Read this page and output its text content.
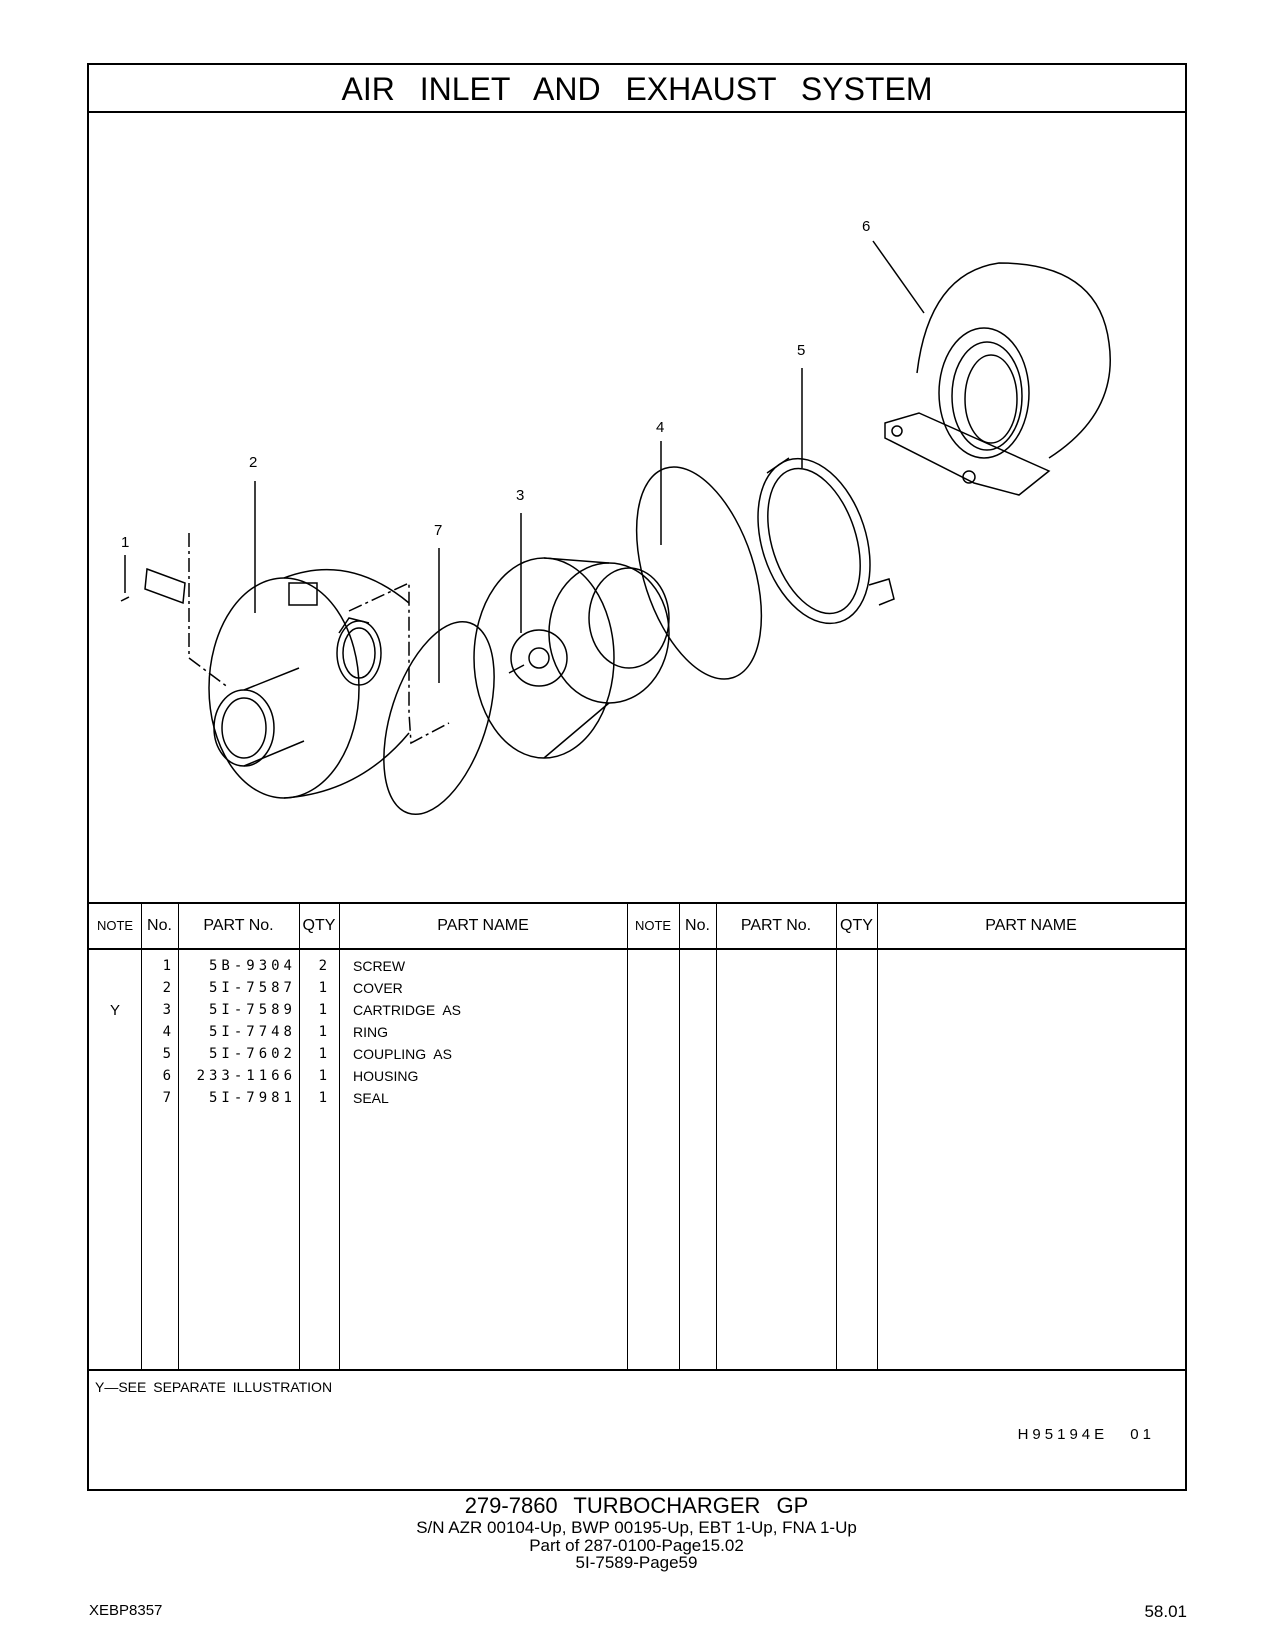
AIR INLET AND EXHAUST SYSTEM
1
2
3
4
5
6
7
NOTE No.	PART No.	QTY	PART NAME	NOTE No.	PART No.	QTY	PART NAME
1	5B-9304	2 SCREW
2	5I-7587	1 COVER
Y	3	5I-7589	1 CARTRIDGE AS
4	5I-7748	1 RING
5	5I-7602	1 COUPLING AS
6	233-1166	1 HOUSING
7	5I-7981	1 SEAL
Y—SEE SEPARATE ILLUSTRATION
H95194E 01
279-7860 TURBOCHARGER GP
S/N AZR 00104-Up, BWP 00195-Up, EBT 1-Up, FNA 1-Up
Part of 287-0100-Page15.02
5I-7589-Page59
XEBP8357	58.01
